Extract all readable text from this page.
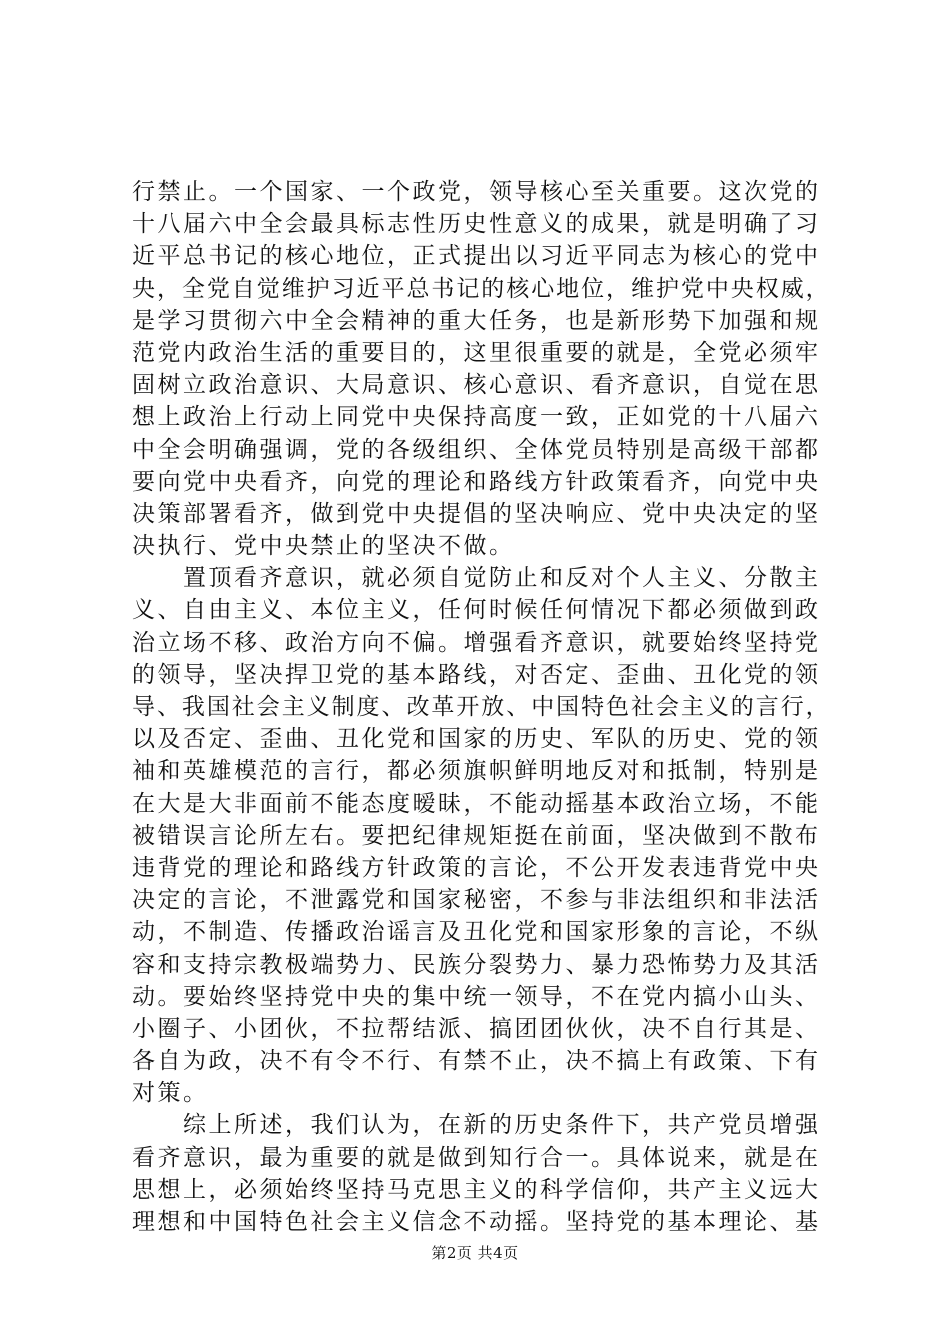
行禁止。一个国家、一个政党，领导核心至关重要。这次党的
十八届六中全会最具标志性历史性意义的成果，就是明确了习
近平总书记的核心地位，正式提出以习近平同志为核心的党中
央，全党自觉维护习近平总书记的核心地位，维护党中央权威，
是学习贯彻六中全会精神的重大任务，也是新形势下加强和规
范党内政治生活的重要目的，这里很重要的就是，全党必须牢
固树立政治意识、大局意识、核心意识、看齐意识，自觉在思
想上政治上行动上同党中央保持高度一致，正如党的十八届六
中全会明确强调，党的各级组织、全体党员特别是高级干部都
要向党中央看齐，向党的理论和路线方针政策看齐，向党中央
决策部署看齐，做到党中央提倡的坚决响应、党中央决定的坚
决执行、党中央禁止的坚决不做。
　　置顶看齐意识，就必须自觉防止和反对个人主义、分散主
义、自由主义、本位主义，任何时候任何情况下都必须做到政
治立场不移、政治方向不偏。增强看齐意识，就要始终坚持党
的领导，坚决捍卫党的基本路线，对否定、歪曲、丑化党的领
导、我国社会主义制度、改革开放、中国特色社会主义的言行，
以及否定、歪曲、丑化党和国家的历史、军队的历史、党的领
袖和英雄模范的言行，都必须旗帜鲜明地反对和抵制，特别是
在大是大非面前不能态度暧昧，不能动摇基本政治立场，不能
被错误言论所左右。要把纪律规矩挺在前面，坚决做到不散布
违背党的理论和路线方针政策的言论，不公开发表违背党中央
决定的言论，不泄露党和国家秘密，不参与非法组织和非法活
动，不制造、传播政治谣言及丑化党和国家形象的言论，不纵
容和支持宗教极端势力、民族分裂势力、暴力恐怖势力及其活
动。要始终坚持党中央的集中统一领导，不在党内搞小山头、
小圈子、小团伙，不拉帮结派、搞团团伙伙，决不自行其是、
各自为政，决不有令不行、有禁不止，决不搞上有政策、下有
对策。
　　综上所述，我们认为，在新的历史条件下，共产党员增强
看齐意识，最为重要的就是做到知行合一。具体说来，就是在
思想上，必须始终坚持马克思主义的科学信仰，共产主义远大
理想和中国特色社会主义信念不动摇。坚持党的基本理论、基
第2页 共4页
